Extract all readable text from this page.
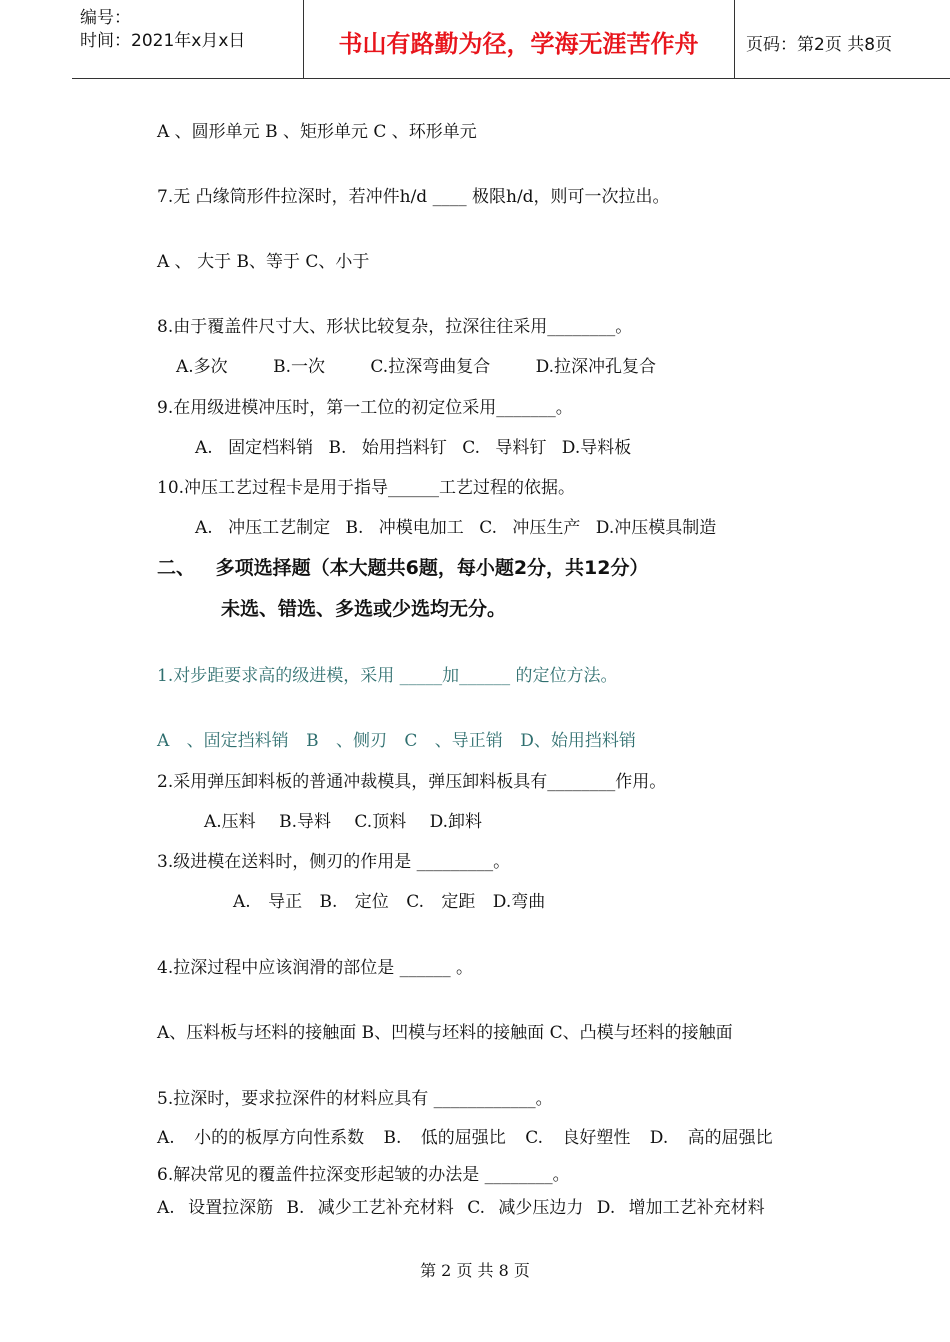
编号：
时间：2021年x月x日	书山有路勤为径，学海无涯苦作舟	页码：第2页 共8页
A 、圆形单元 B 、矩形单元 C 、环形单元
7.无 凸缘筒形件拉深时，若冲件h/d ____ 极限h/d，则可一次拉出。
A 、 大于 B、等于 C、小于
8.由于覆盖件尺寸大、形状比较复杂，拉深往往采用________。
A.多次 B.一次 C.拉深弯曲复合 D.拉深冲孔复合
9.在用级进模冲压时，第一工位的初定位采用_______。
A. 固定档料销 B. 始用挡料钉 C. 导料钉 D.导料板
10.冲压工艺过程卡是用于指导______工艺过程的依据。
A. 冲压工艺制定 B. 冲模电加工 C. 冲压生产 D.冲压模具制造
二、 多项选择题（本大题共6题，每小题2分，共12分）
未选、错选、多选或少选均无分。
1.对步距要求高的级进模，采用 _____加______ 的定位方法。
A 、固定挡料销 B 、侧刃 C 、导正销 D、始用挡料销
2.采用弹压卸料板的普通冲裁模具，弹压卸料板具有________作用。
A.压料 B.导料 C.顶料 D.卸料
3.级进模在送料时，侧刃的作用是 _________。
A. 导正 B. 定位 C. 定距 D.弯曲
4.拉深过程中应该润滑的部位是 ______ 。
A、压料板与坯料的接触面 B、凹模与坯料的接触面 C、凸模与坯料的接触面
5.拉深时，要求拉深件的材料应具有 ____________。
A. 小的的板厚方向性系数 B. 低的屈强比 C. 良好塑性 D. 高的屈强比
6.解决常见的覆盖件拉深变形起皱的办法是 ________。
A. 设置拉深筋 B. 减少工艺补充材料 C. 减少压边力 D. 增加工艺补充材料
第 2 页 共 8 页
